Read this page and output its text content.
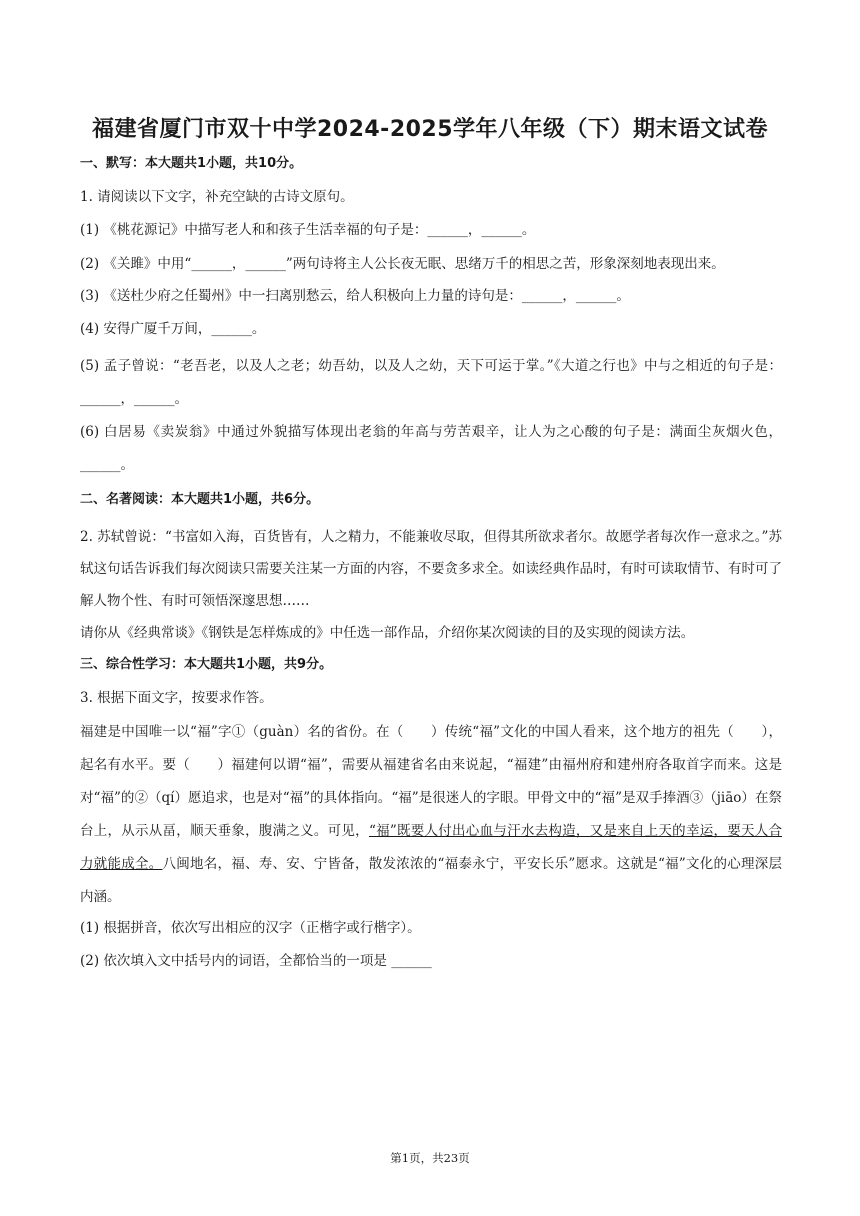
福建省厦门市双十中学2024-2025学年八年级（下）期末语文试卷
一、默写：本大题共1小题，共10分。
1. 请阅读以下文字，补充空缺的古诗文原句。
(1) 《桃花源记》中描写老人和和孩子生活幸福的句子是：______，______。

(2) 《关雎》中用“______，______”两句诗将主人公长夜无眠、思绪万千的相思之苦，形象深刻地表现出来。

(3) 《送杜少府之任蜀州》中一扫离别愁云，给人积极向上力量的诗句是：______，______。
(4) 安得广厦千万间，______。

(5) 孟子曾说：“老吾老，以及人之老；幼吾幼，以及人之幼，天下可运于掌。”《大道之行也》中与之相近的句子是：______，______。

(6) 白居易《卖炭翁》中通过外貌描写体现出老翁的年高与劳苦艰辛，让人为之心酸的句子是：满面尘灰烟火色，______。

二、名著阅读：本大题共1小题，共6分。

2. 苏轼曾说：“书富如入海，百货皆有，人之精力，不能兼收尽取，但得其所欲求者尔。故愿学者每次作一意求之。”苏轼这句话告诉我们每次阅读只需要关注某一方面的内容，不要贪多求全。如读经典作品时，有时可读取情节、有时可了解人物个性、有时可领悟深邃思想……

请你从《经典常谈》《钢铁是怎样炼成的》中任选一部作品，介绍你某次阅读的目的及实现的阅读方法。

三、综合性学习：本大题共1小题，共9分。
3. 根据下面文字，按要求作答。

福建是中国唯一以“福”字①（guàn）名的省份。在（　　）传统“福”文化的中国人看来，这个地方的祖先（　　），起名有水平。要（　　）福建何以谓“福”，需要从福建省名由来说起，“福建”由福州府和建州府各取首字而来。这是对“福”的②（qí）愿追求，也是对“福”的具体指向。“福”是很迷人的字眼。甲骨文中的“福”是双手捧酒③（jiāo）在祭台上，从示从畐，顺天垂象，腹满之义。可见，“福”既要人付出心血与汗水去构造，又是来自上天的幸运，要天人合力就能成全。八闽地名，福、寿、安、宁皆备，散发浓浓的“福泰永宁，平安长乐”愿求。这就是“福”文化的心理深层内涵。

(1) 根据拼音，依次写出相应的汉字（正楷字或行楷字）。
(2) 依次填入文中括号内的词语，全都恰当的一项是 ______
第1页，共23页
